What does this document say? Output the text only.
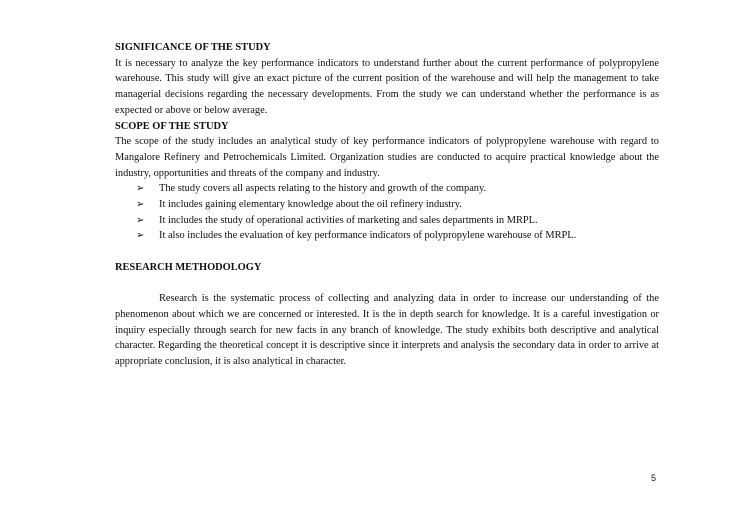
SIGNIFICANCE OF THE STUDY

It is necessary to analyze the key performance indicators to understand further about the current performance of polypropylene warehouse. This study will give an exact picture of the current position of the warehouse and will help the management to take managerial decisions regarding the necessary developments. From the study we can understand whether the performance is as expected or above or below average.

SCOPE OF THE STUDY

The scope of the study includes an analytical study of key performance indicators of polypropylene warehouse with regard to Mangalore Refinery and Petrochemicals Limited. Organization studies are conducted to acquire practical knowledge about the industry, opportunities and threats of the company and industry.

➢ The study covers all aspects relating to the history and growth of the company.
➢ It includes gaining elementary knowledge about the oil refinery industry.
➢ It includes the study of operational activities of marketing and sales departments in MRPL.
➢ It also includes the evaluation of key performance indicators of polypropylene warehouse of MRPL.

RESEARCH METHODOLOGY

Research is the systematic process of collecting and analyzing data in order to increase our understanding of the phenomenon about which we are concerned or interested. It is the in depth search for knowledge. It is a careful investigation or inquiry especially through search for new facts in any branch of knowledge. The study exhibits both descriptive and analytical character. Regarding the theoretical concept it is descriptive since it interprets and analysis the secondary data in order to arrive at appropriate conclusion, it is also analytical in character.

5
